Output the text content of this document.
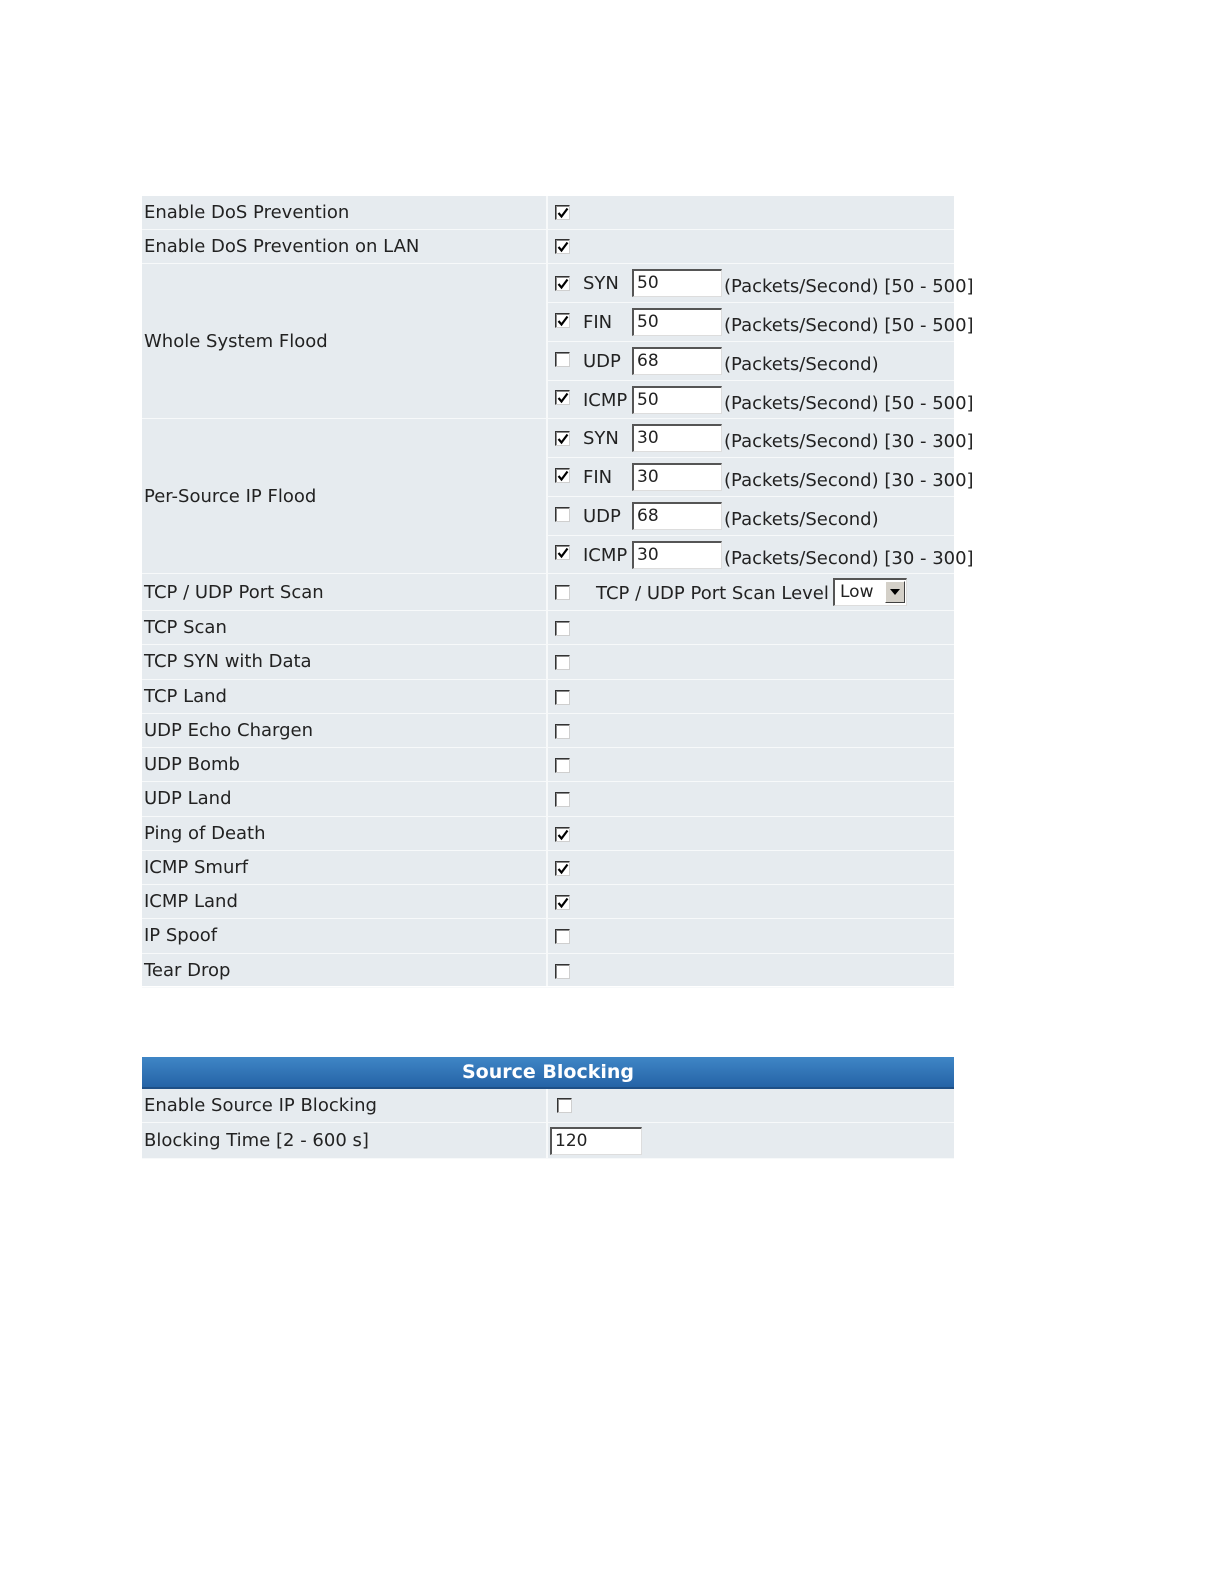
Enable DoS Prevention
Enable DoS Prevention on LAN
Whole System Flood
SYN 50	(Packets/Second) [50 - 500]
FIN 50	(Packets/Second) [50 - 500]
UDP 68	(Packets/Second)
ICMP 50	(Packets/Second) [50 - 500]
Per-Source IP Flood
SYN 30	(Packets/Second) [30 - 300]
FIN 30	(Packets/Second) [30 - 300]
UDP 68	(Packets/Second)
ICMP 30	(Packets/Second) [30 - 300]
TCP / UDP Port Scan	TCP / UDP Port Scan Level Low
TCP Scan
TCP SYN with Data
TCP Land
UDP Echo Chargen
UDP Bomb
UDP Land
Ping of Death
ICMP Smurf
ICMP Land
IP Spoof
Tear Drop
Source Blocking
Enable Source IP Blocking
Blocking Time [2 - 600 s]	120
